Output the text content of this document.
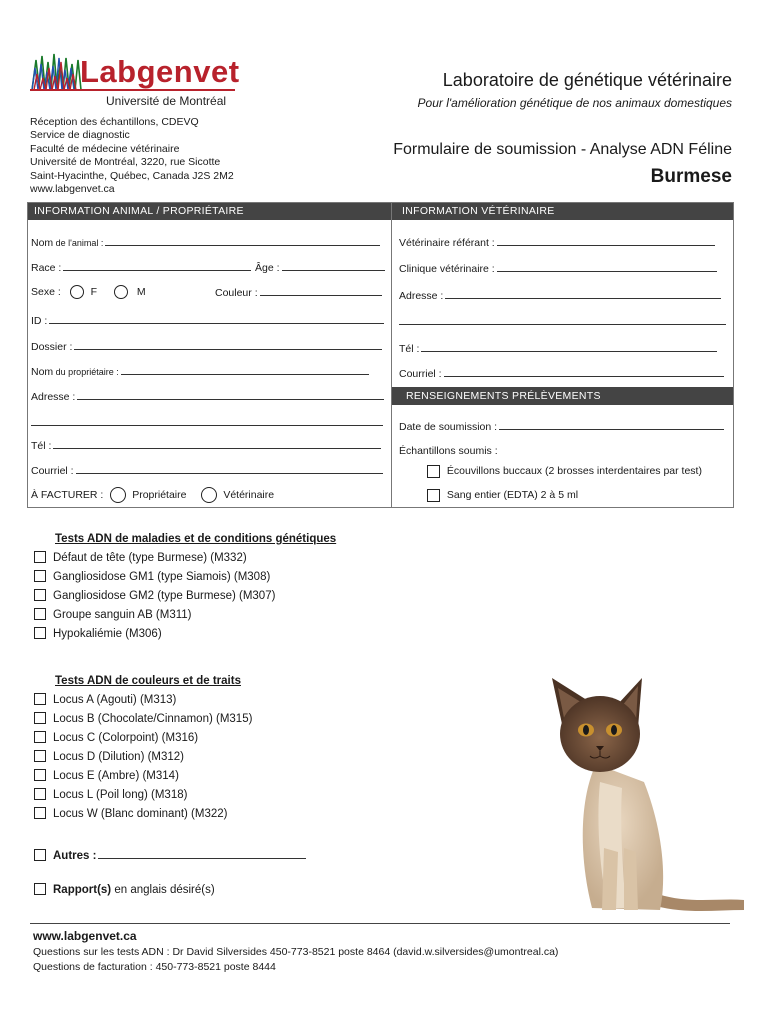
Labgenvet
Université de Montréal
Réception des échantillons, CDEVQ
Service de diagnostic
Faculté de médecine vétérinaire
Université de Montréal, 3220, rue Sicotte
Saint-Hyacinthe, Québec, Canada J2S 2M2
www.labgenvet.ca
Laboratoire de génétique vétérinaire
Pour l'amélioration génétique de nos animaux domestiques
Formulaire de soumission - Analyse ADN Féline
Burmese
INFORMATION ANIMAL / PROPRIÉTAIRE	INFORMATION VÉTÉRINAIRE
Nom de l'animal :
Race :	Âge :
Sexe :	F	M	Couleur :
ID :
Dossier :
Nom du propriétaire :
Adresse :
Tél :
Courriel :
À FACTURER :	Propriétaire	Vétérinaire
Vétérinaire référant :
Clinique vétérinaire :
Adresse :
Tél :
Courriel :
RENSEIGNEMENTS PRÉLÈVEMENTS
Date de soumission :
Échantillons soumis :
Écouvillons buccaux (2 brosses interdentaires par test)
Sang entier (EDTA) 2 à 5 ml
Tests ADN de maladies et de conditions génétiques
Défaut de tête (type Burmese) (M332)
Gangliosidose GM1 (type Siamois) (M308)
Gangliosidose GM2 (type Burmese) (M307)
Groupe sanguin AB (M311)
Hypokaliémie (M306)
Tests ADN de couleurs et de traits
Locus A (Agouti) (M313)
Locus B (Chocolate/Cinnamon) (M315)
Locus C (Colorpoint) (M316)
Locus D (Dilution) (M312)
Locus E (Ambre) (M314)
Locus L (Poil long) (M318)
Locus W (Blanc dominant) (M322)
Autres :
Rapport(s) en anglais désiré(s)
www.labgenvet.ca
Questions sur les tests ADN : Dr David Silversides 450-773-8521 poste 8464 (david.w.silversides@umontreal.ca)
Questions de facturation : 450-773-8521 poste 8444
